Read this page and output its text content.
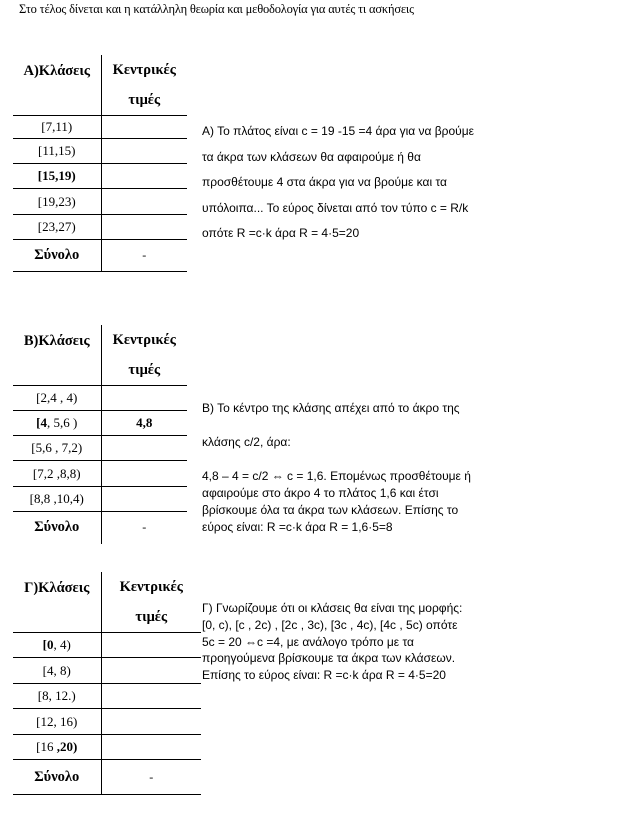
Στο τέλος δίνεται και η κατάλληλη θεωρία και μεθοδολογία για αυτές τι ασκήσεις
Α)Κλάσεις	Κεντρικές
τιμές
[7,11)	
[11,15)	
[15,19)	
[19,23)	
[23,27)	
Σύνολο	-

Α) Το πλάτος είναι c = 19 -15 =4 άρα για να βρούμε

τα άκρα των κλάσεων θα αφαιρούμε ή θα

προσθέτουμε 4 στα άκρα για να βρούμε και τα

υπόλοιπα... Το εύρος δίνεται από τον τύπο c = R/k

οπότε R =c·k άρα R = 4·5=20

Β)Κλάσεις	Κεντρικές
τιμές
[2,4 , 4)	
[4, 5,6 )	4,8
[5,6 , 7,2)	
[7,2 ,8,8)	
[8,8 ,10,4)	
Σύνολο	-

Β) Το κέντρο της κλάσης απέχει από το άκρο της

κλάσης c/2, άρα:

4,8 – 4 = c/2 ⇔ c = 1,6. Επομένως προσθέτουμε ή

αφαιρούμε στο άκρο 4 το πλάτος 1,6 και έτσι

βρίσκουμε όλα τα άκρα των κλάσεων. Επίσης το

εύρος είναι: R =c·k άρα R = 1,6·5=8

Γ)Κλάσεις	Κεντρικές
τιμές
[0, 4)	
[4, 8)	
[8, 12.)	
[12, 16)	
[16 ,20)	
Σύνολο	-

Γ) Γνωρίζουμε ότι οι κλάσεις θα είναι της μορφής:

[0, c), [c , 2c) , [2c , 3c), [3c , 4c), [4c , 5c) οπότε

5c = 20 ⇔c =4, με ανάλογο τρόπο με τα

προηγούμενα βρίσκουμε τα άκρα των κλάσεων.

Επίσης το εύρος είναι: R =c·k άρα R = 4·5=20
